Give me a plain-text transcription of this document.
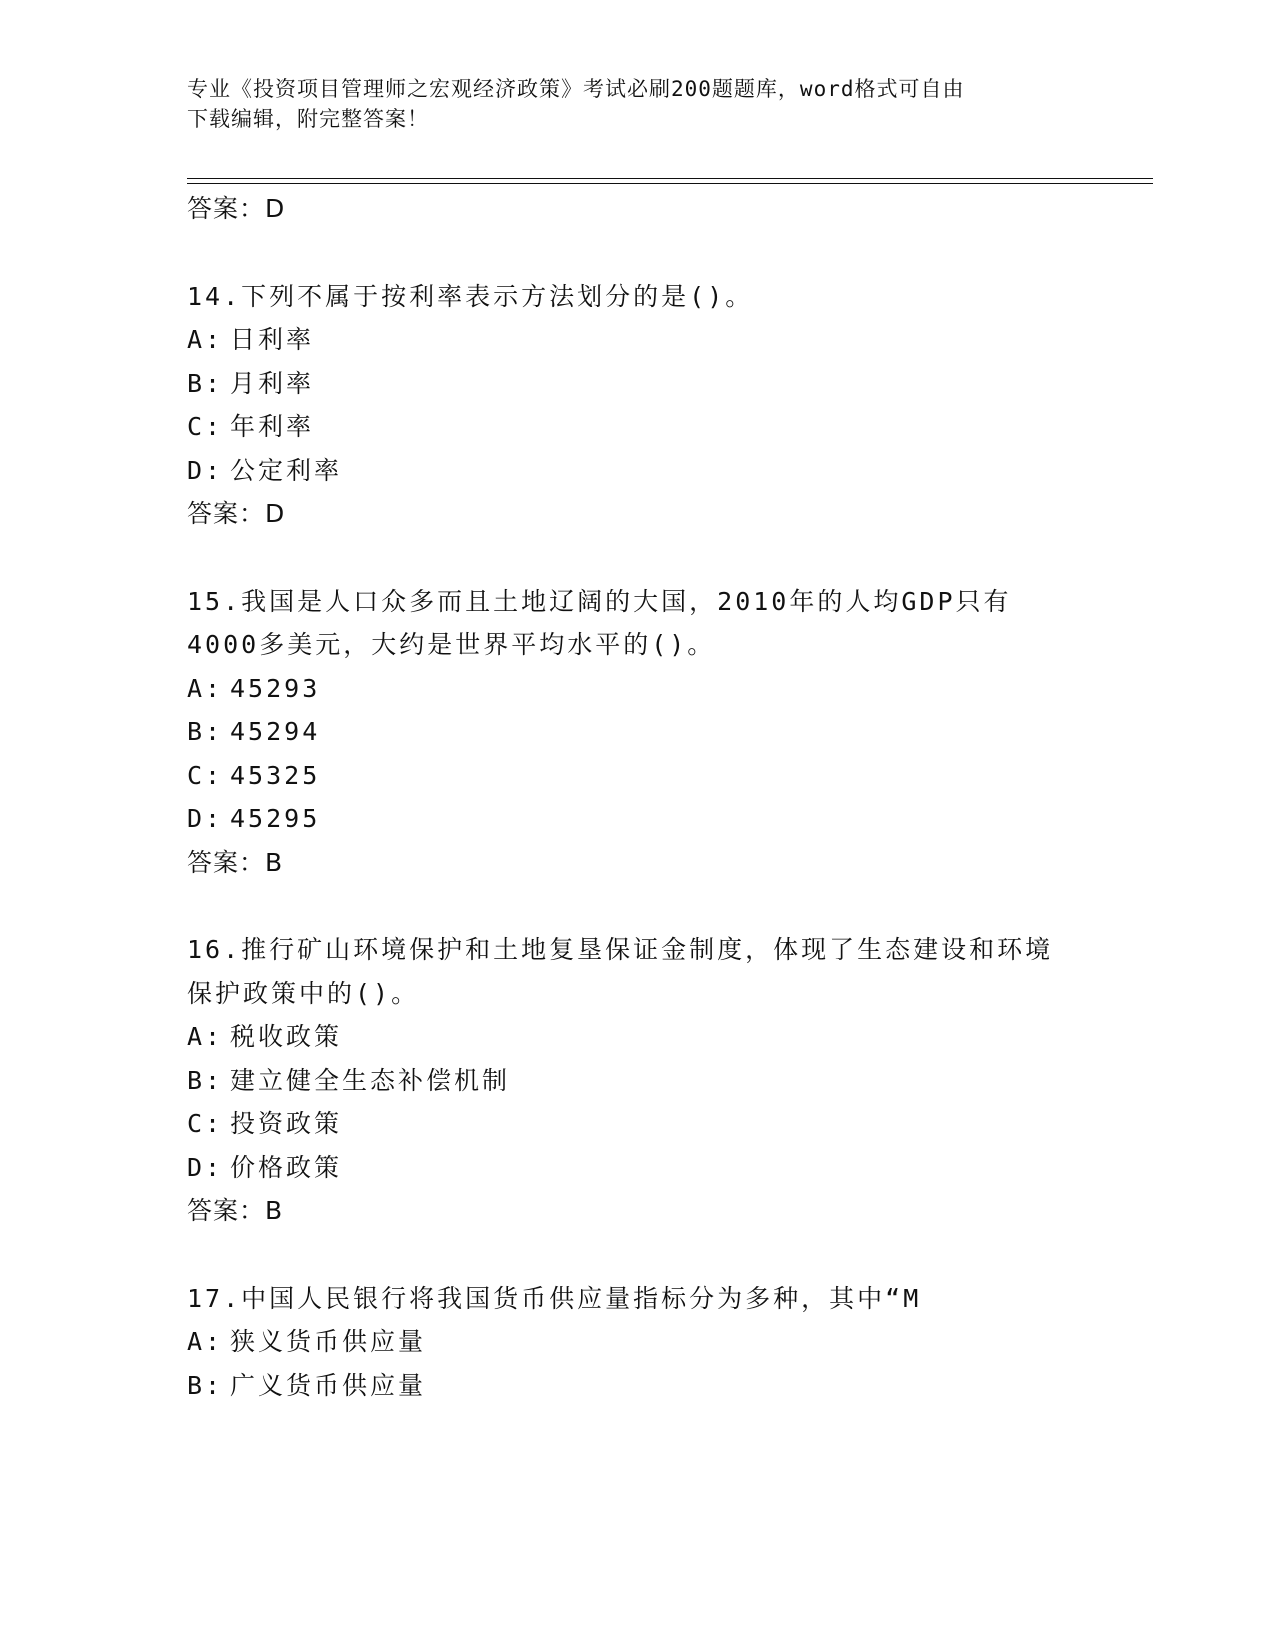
专业《投资项目管理师之宏观经济政策》考试必刷200题题库，word格式可自由
下载编辑，附完整答案！
答案：D
14.下列不属于按利率表示方法划分的是()。
A: 日利率
B: 月利率
C: 年利率
D: 公定利率
答案：D
15.我国是人口众多而且土地辽阔的大国，2010年的人均GDP只有
4000多美元，大约是世界平均水平的()。
A: 45293
B: 45294
C: 45325
D: 45295
答案：B
16.推行矿山环境保护和土地复垦保证金制度，体现了生态建设和环境
保护政策中的()。
A: 税收政策
B: 建立健全生态补偿机制
C: 投资政策
D: 价格政策
答案：B
17.中国人民银行将我国货币供应量指标分为多种，其中“M
A: 狭义货币供应量
B: 广义货币供应量
